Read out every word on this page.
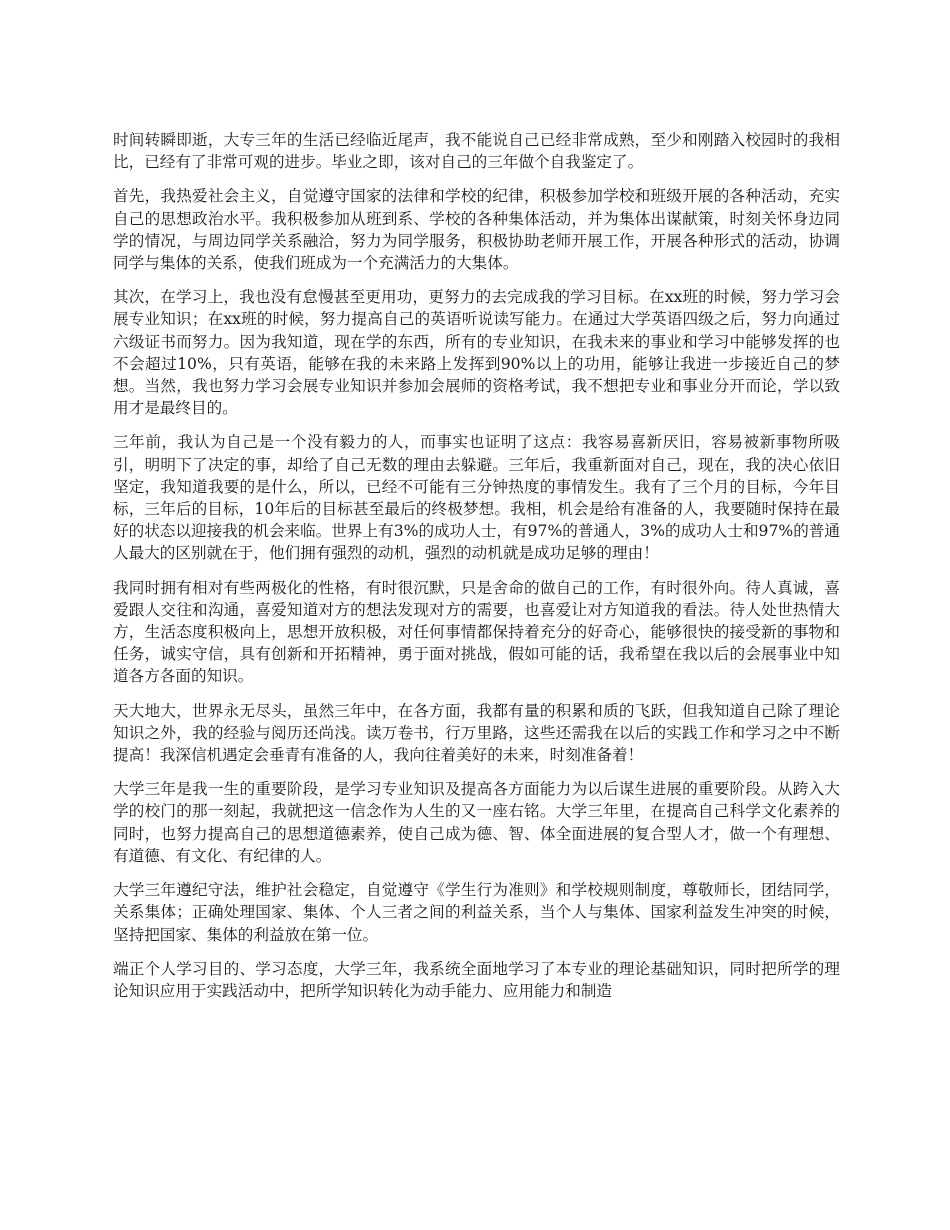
时间转瞬即逝，大专三年的生活已经临近尾声，我不能说自己已经非常成熟，至少和刚踏入校园时的我相比，已经有了非常可观的进步。毕业之即，该对自己的三年做个自我鉴定了。

首先，我热爱社会主义，自觉遵守国家的法律和学校的纪律，积极参加学校和班级开展的各种活动，充实自己的思想政治水平。我积极参加从班到系、学校的各种集体活动，并为集体出谋献策，时刻关怀身边同学的情况，与周边同学关系融洽，努力为同学服务，积极协助老师开展工作，开展各种形式的活动，协调同学与集体的关系，使我们班成为一个充满活力的大集体。

其次，在学习上，我也没有怠慢甚至更用功，更努力的去完成我的学习目标。在xx班的时候，努力学习会展专业知识；在xx班的时候，努力提高自己的英语听说读写能力。在通过大学英语四级之后，努力向通过六级证书而努力。因为我知道，现在学的东西，所有的专业知识，在我未来的事业和学习中能够发挥的也不会超过10%，只有英语，能够在我的未来路上发挥到90%以上的功用，能够让我进一步接近自己的梦想。当然，我也努力学习会展专业知识并参加会展师的资格考试，我不想把专业和事业分开而论，学以致用才是最终目的。

三年前，我认为自己是一个没有毅力的人，而事实也证明了这点：我容易喜新厌旧，容易被新事物所吸引，明明下了决定的事，却给了自己无数的理由去躲避。三年后，我重新面对自己，现在，我的决心依旧坚定，我知道我要的是什么，所以，已经不可能有三分钟热度的事情发生。我有了三个月的目标，今年目标，三年后的目标，10年后的目标甚至最后的终极梦想。我相，机会是给有准备的人，我要随时保持在最好的状态以迎接我的机会来临。世界上有3%的成功人士，有97%的普通人，3%的成功人士和97%的普通人最大的区别就在于，他们拥有强烈的动机，强烈的动机就是成功足够的理由！

我同时拥有相对有些两极化的性格，有时很沉默，只是舍命的做自己的工作，有时很外向。待人真诚，喜爱跟人交往和沟通，喜爱知道对方的想法发现对方的需要，也喜爱让对方知道我的看法。待人处世热情大方，生活态度积极向上，思想开放积极，对任何事情都保持着充分的好奇心，能够很快的接受新的事物和任务，诚实守信，具有创新和开拓精神，勇于面对挑战，假如可能的话，我希望在我以后的会展事业中知道各方各面的知识。

天大地大，世界永无尽头，虽然三年中，在各方面，我都有量的积累和质的飞跃，但我知道自己除了理论知识之外，我的经验与阅历还尚浅。读万卷书，行万里路，这些还需我在以后的实践工作和学习之中不断提高！我深信机遇定会垂青有准备的人，我向往着美好的未来，时刻准备着！

大学三年是我一生的重要阶段，是学习专业知识及提高各方面能力为以后谋生进展的重要阶段。从跨入大学的校门的那一刻起，我就把这一信念作为人生的又一座右铭。大学三年里，在提高自己科学文化素养的同时，也努力提高自己的思想道德素养，使自己成为德、智、体全面进展的复合型人才，做一个有理想、有道德、有文化、有纪律的人。

大学三年遵纪守法，维护社会稳定，自觉遵守《学生行为准则》和学校规则制度，尊敬师长，团结同学，关系集体；正确处理国家、集体、个人三者之间的利益关系，当个人与集体、国家利益发生冲突的时候，坚持把国家、集体的利益放在第一位。

端正个人学习目的、学习态度，大学三年，我系统全面地学习了本专业的理论基础知识，同时把所学的理论知识应用于实践活动中，把所学知识转化为动手能力、应用能力和制造
